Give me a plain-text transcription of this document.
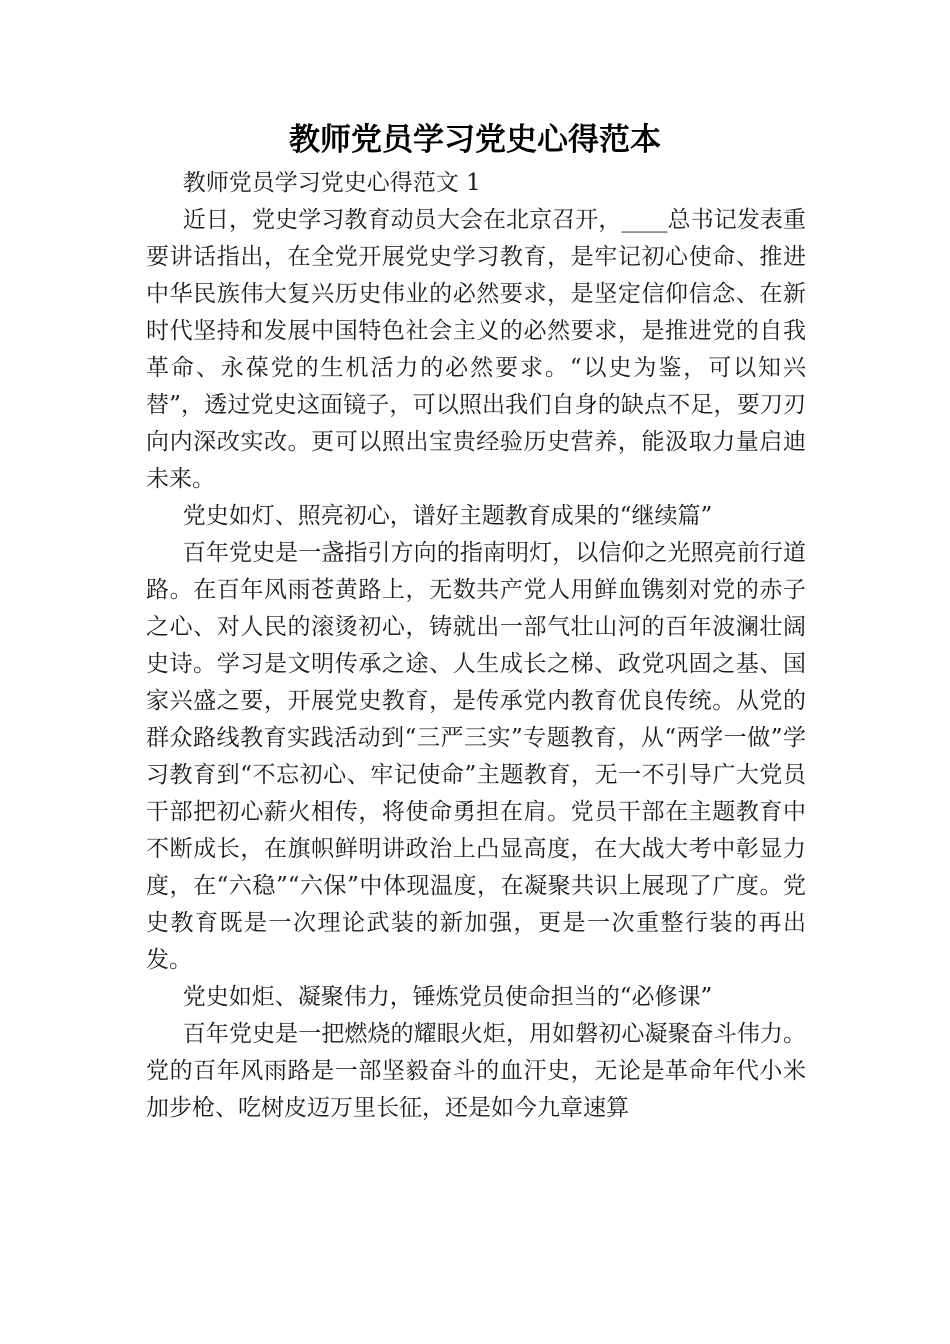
教师党员学习党史心得范本

教师党员学习党史心得范文 1

近日，党史学习教育动员大会在北京召开，____总书记发表重要讲话指出，在全党开展党史学习教育，是牢记初心使命、推进中华民族伟大复兴历史伟业的必然要求，是坚定信仰信念、在新时代坚持和发展中国特色社会主义的必然要求，是推进党的自我革命、永葆党的生机活力的必然要求。“以史为鉴，可以知兴替”，透过党史这面镜子，可以照出我们自身的缺点不足，要刀刃向内深改实改。更可以照出宝贵经验历史营养，能汲取力量启迪未来。

党史如灯、照亮初心，谱好主题教育成果的“继续篇”

百年党史是一盏指引方向的指南明灯，以信仰之光照亮前行道路。在百年风雨苍黄路上，无数共产党人用鲜血镌刻对党的赤子之心、对人民的滚烫初心，铸就出一部气壮山河的百年波澜壮阔史诗。学习是文明传承之途、人生成长之梯、政党巩固之基、国家兴盛之要，开展党史教育，是传承党内教育优良传统。从党的群众路线教育实践活动到“三严三实”专题教育，从“两学一做”学习教育到“不忘初心、牢记使命”主题教育，无一不引导广大党员干部把初心薪火相传，将使命勇担在肩。党员干部在主题教育中不断成长，在旗帜鲜明讲政治上凸显高度，在大战大考中彰显力度，在“六稳”“六保”中体现温度，在凝聚共识上展现了广度。党史教育既是一次理论武装的新加强，更是一次重整行装的再出发。

党史如炬、凝聚伟力，锤炼党员使命担当的“必修课”

百年党史是一把燃烧的耀眼火炬，用如磐初心凝聚奋斗伟力。党的百年风雨路是一部坚毅奋斗的血汗史，无论是革命年代小米加步枪、吃树皮迈万里长征，还是如今九章速算
